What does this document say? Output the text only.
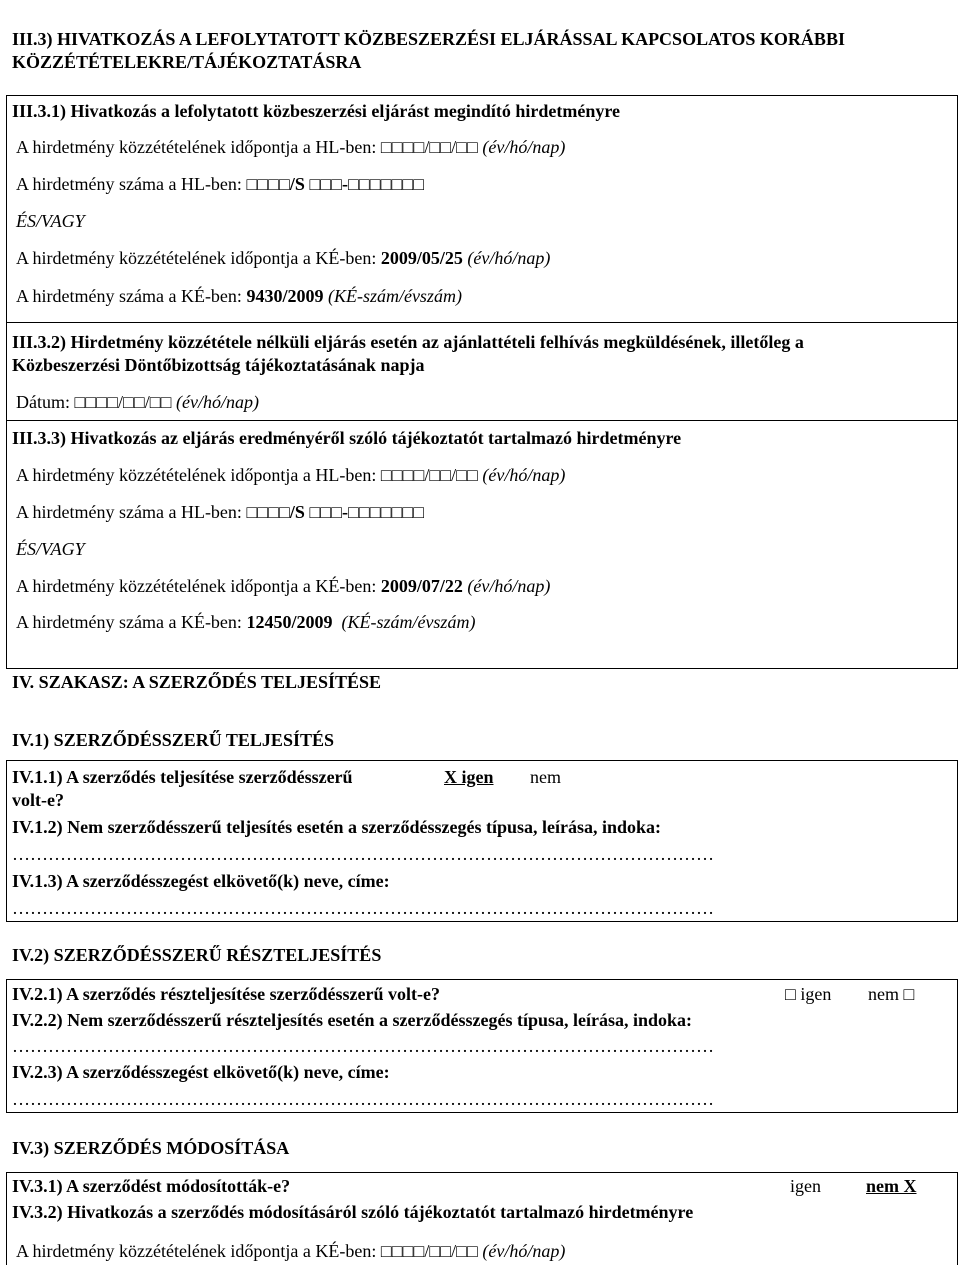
III.3) HIVATKOZÁS A LEFOLYTATOTT KÖZBESZERZÉSI ELJÁRÁSSAL KAPCSOLATOS KORÁBBI
KÖZZÉTÉTELEKRE/TÁJÉKOZTATÁSRA
III.3.1) Hivatkozás a lefolytatott közbeszerzési eljárást megindító hirdetményre
A hirdetmény közzétételének időpontja a HL-ben: □□□□/□□/□□ (év/hó/nap)
A hirdetmény száma a HL-ben: □□□□/S □□□-□□□□□□□
ÉS/VAGY
A hirdetmény közzétételének időpontja a KÉ-ben: 2009/05/25 (év/hó/nap)
A hirdetmény száma a KÉ-ben: 9430/2009 (KÉ-szám/évszám)
III.3.2) Hirdetmény közzététele nélküli eljárás esetén az ajánlattételi felhívás megküldésének, illetőleg a
Közbeszerzési Döntőbizottság tájékoztatásának napja
Dátum: □□□□/□□/□□ (év/hó/nap)
III.3.3) Hivatkozás az eljárás eredményéről szóló tájékoztatót tartalmazó hirdetményre
A hirdetmény közzétételének időpontja a HL-ben: □□□□/□□/□□ (év/hó/nap)
A hirdetmény száma a HL-ben: □□□□/S □□□-□□□□□□□
ÉS/VAGY
A hirdetmény közzétételének időpontja a KÉ-ben: 2009/07/22 (év/hó/nap)
A hirdetmény száma a KÉ-ben: 12450/2009 (KÉ-szám/évszám)
IV. SZAKASZ: A SZERZŐDÉS TELJESÍTÉSE
IV.1) SZERZŐDÉSSZERŰ TELJESÍTÉS
IV.1.1) A szerződés teljesítése szerződésszerű	X igen nem
volt-e?
IV.1.2) Nem szerződésszerű teljesítés esetén a szerződésszegés típusa, leírása, indoka:
………………………………………………………………………………………………………
IV.1.3) A szerződésszegést elkövető(k) neve, címe:
………………………………………………………………………………………………………
IV.2) SZERZŐDÉSSZERŰ RÉSZTELJESÍTÉS
IV.2.1) A szerződés részteljesítése szerződésszerű volt-e?	□ igen nem □
IV.2.2) Nem szerződésszerű részteljesítés esetén a szerződésszegés típusa, leírása, indoka:
………………………………………………………………………………………………………
IV.2.3) A szerződésszegést elkövető(k) neve, címe:
………………………………………………………………………………………………………
IV.3) SZERZŐDÉS MÓDOSÍTÁSA
IV.3.1) A szerződést módosították-e?	igen	nem X
IV.3.2) Hivatkozás a szerződés módosításáról szóló tájékoztatót tartalmazó hirdetményre
A hirdetmény közzétételének időpontja a KÉ-ben: □□□□/□□/□□ (év/hó/nap)
